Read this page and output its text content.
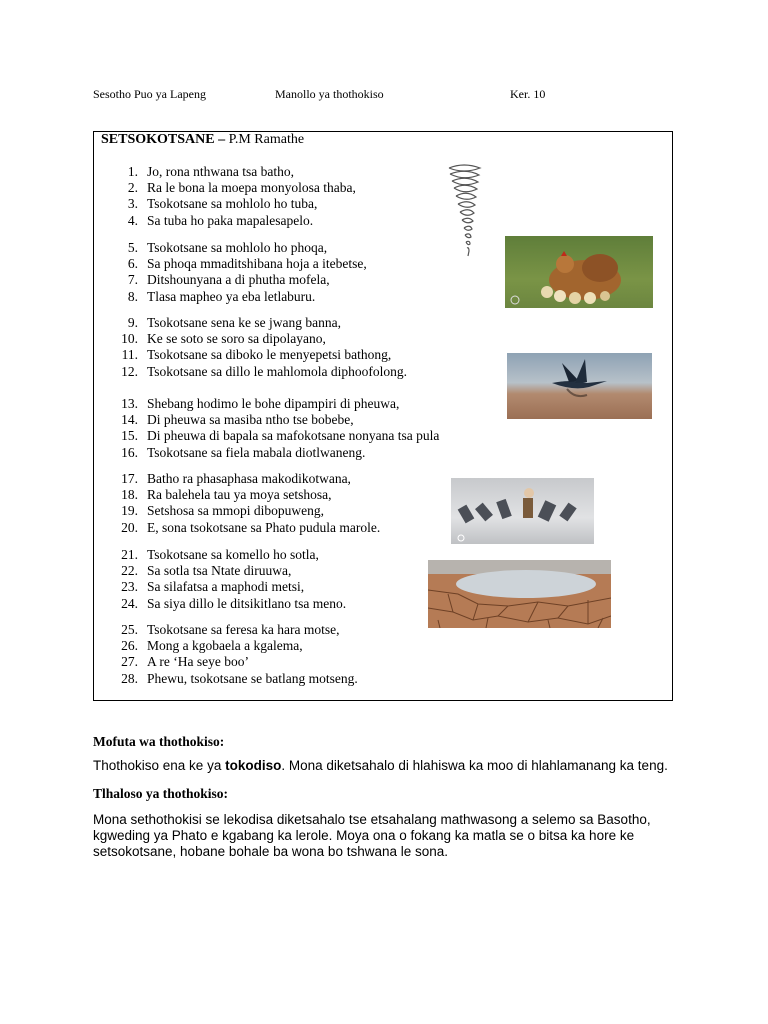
Sesotho Puo ya Lapeng	Manollo ya thothokiso	Ker. 10
SETSOKOTSANE – P.M Ramathe
1. Jo, rona nthwana tsa batho,
2. Ra le bona la moepa monyolosa thaba,
3. Tsokotsane sa mohlolo ho tuba,
4. Sa tuba ho paka mapalesapelo.
5. Tsokotsane sa mohlolo ho phoqa,
6. Sa phoqa mmaditshibana hoja a itebetse,
7. Ditshounyana a di phutha mofela,
8. Tlasa mapheo ya eba letlaburu.
9. Tsokotsane sena ke se jwang banna,
10. Ke se soto se soro sa dipolayano,
11. Tsokotsane sa diboko le menyepetsi bathong,
12. Tsokotsane sa dillo le mahlomola diphoofolong.
13. Shebang hodimo le bohe dipampiri di pheuwa,
14. Di pheuwa sa masiba ntho tse bobebe,
15. Di pheuwa di bapala sa mafokotsane nonyana tsa pula
16. Tsokotsane sa fiela mabala diotlwaneng.
17. Batho ra phasaphasa makodikotwana,
18. Ra balehela tau ya moya setshosa,
19. Setshosa sa mmopi dibopuweng,
20. E, sona tsokotsane sa Phato pudula marole.
21. Tsokotsane sa komello ho sotla,
22. Sa sotla tsa Ntate diruuwa,
23. Sa silafatsa a maphodi metsi,
24. Sa siya dillo le ditsikitlano tsa meno.
25. Tsokotsane sa feresa ka hara motse,
26. Mong a kgobaela a kgalema,
27. A re ‘Ha seye boo’
28. Phewu, tsokotsane se batlang motseng.
Mofuta wa thothokiso:

Thothokiso ena ke ya tokodiso. Mona diketsahalo di hlahiswa ka moo di hlahlamanang ka teng.

Tlhaloso ya thothokiso:

Mona sethothokisi se lekodisa diketsahalo tse etsahalang mathwasong a selemo sa Basotho, kgweding ya Phato e kgabang ka lerole. Moya ona o fokang ka matla se o bitsa ka hore ke setsokotsane, hobane bohale ba wona bo tshwana le sona.
